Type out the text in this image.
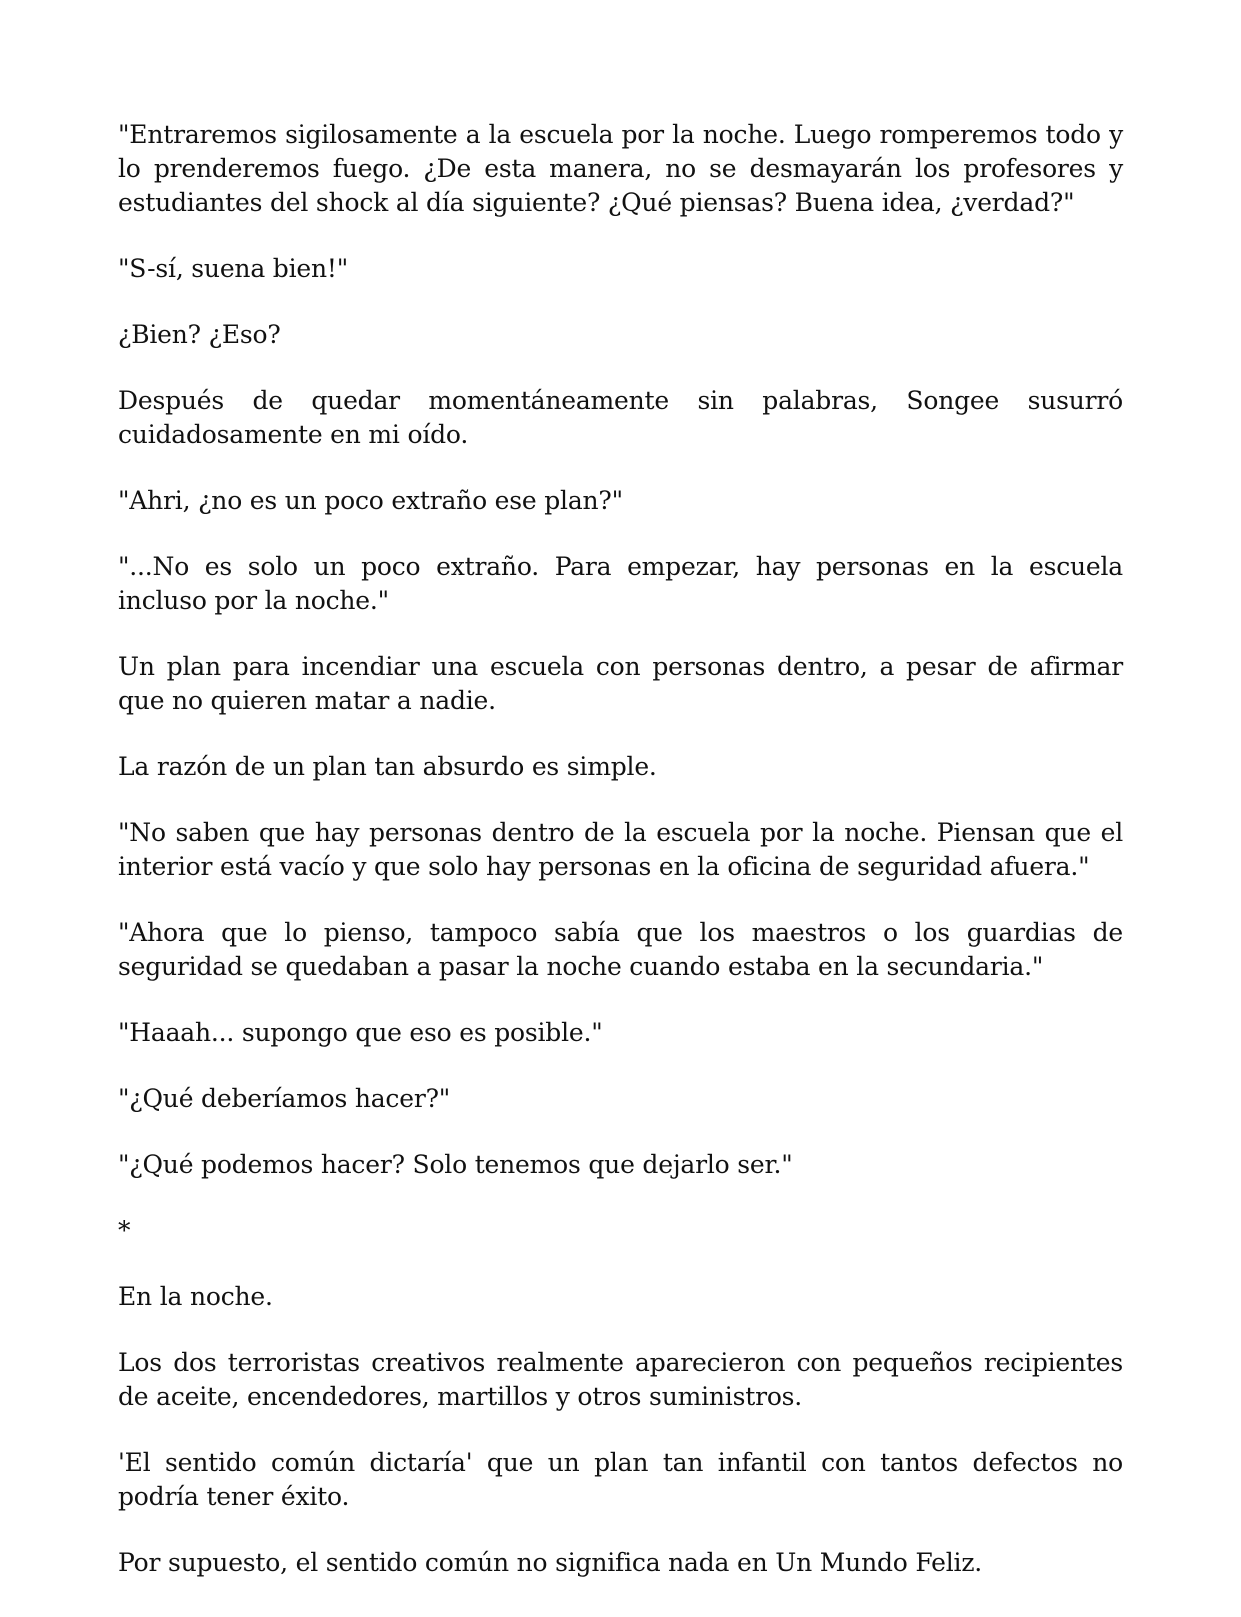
"Entraremos sigilosamente a la escuela por la noche. Luego romperemos todo y lo prenderemos fuego. ¿De esta manera, no se desmayarán los profesores y estudiantes del shock al día siguiente? ¿Qué piensas? Buena idea, ¿verdad?"

"S-sí, suena bien!"

¿Bien? ¿Eso?

Después de quedar momentáneamente sin palabras, Songee susurró cuidadosamente en mi oído.

"Ahri, ¿no es un poco extraño ese plan?"

"...No es solo un poco extraño. Para empezar, hay personas en la escuela incluso por la noche."

Un plan para incendiar una escuela con personas dentro, a pesar de afirmar que no quieren matar a nadie.

La razón de un plan tan absurdo es simple.

"No saben que hay personas dentro de la escuela por la noche. Piensan que el interior está vacío y que solo hay personas en la oficina de seguridad afuera."

"Ahora que lo pienso, tampoco sabía que los maestros o los guardias de seguridad se quedaban a pasar la noche cuando estaba en la secundaria."

"Haaah... supongo que eso es posible."

"¿Qué deberíamos hacer?"

"¿Qué podemos hacer? Solo tenemos que dejarlo ser."

*

En la noche.

Los dos terroristas creativos realmente aparecieron con pequeños recipientes de aceite, encendedores, martillos y otros suministros.

'El sentido común dictaría' que un plan tan infantil con tantos defectos no podría tener éxito.

Por supuesto, el sentido común no significa nada en Un Mundo Feliz.
